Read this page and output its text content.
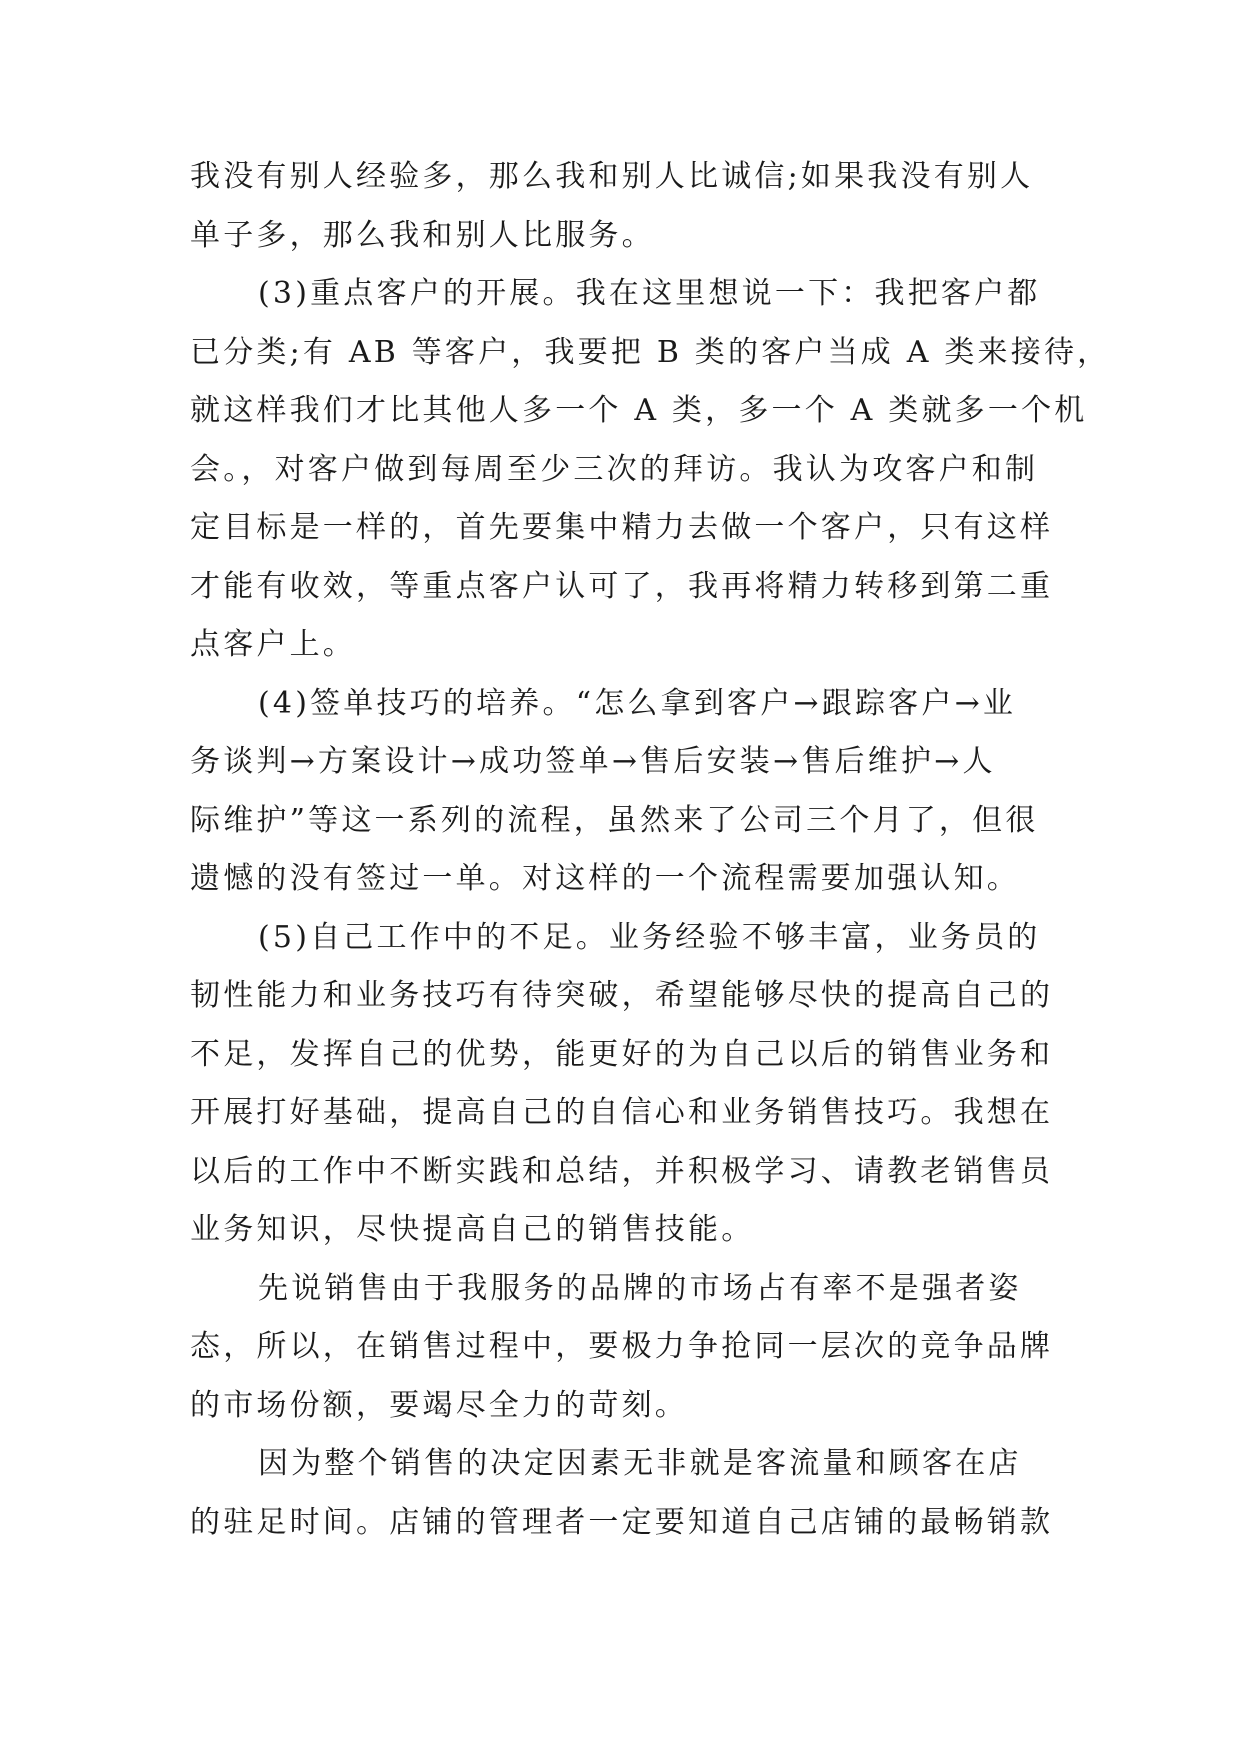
我没有别人经验多，那么我和别人比诚信;如果我没有别人
单子多，那么我和别人比服务。
(3)重点客户的开展。我在这里想说一下：我把客户都
已分类;有 AB 等客户，我要把 B 类的客户当成 A 类来接待，
就这样我们才比其他人多一个 A 类，多一个 A 类就多一个机
会。，对客户做到每周至少三次的拜访。我认为攻客户和制
定目标是一样的，首先要集中精力去做一个客户，只有这样
才能有收效，等重点客户认可了，我再将精力转移到第二重
点客户上。
(4)签单技巧的培养。“怎么拿到客户→跟踪客户→业
务谈判→方案设计→成功签单→售后安装→售后维护→人
际维护”等这一系列的流程，虽然来了公司三个月了，但很
遗憾的没有签过一单。对这样的一个流程需要加强认知。
(5)自己工作中的不足。业务经验不够丰富，业务员的
韧性能力和业务技巧有待突破，希望能够尽快的提高自己的
不足，发挥自己的优势，能更好的为自己以后的销售业务和
开展打好基础，提高自己的自信心和业务销售技巧。我想在
以后的工作中不断实践和总结，并积极学习、请教老销售员
业务知识，尽快提高自己的销售技能。
先说销售由于我服务的品牌的市场占有率不是强者姿
态，所以，在销售过程中，要极力争抢同一层次的竞争品牌
的市场份额，要竭尽全力的苛刻。
因为整个销售的决定因素无非就是客流量和顾客在店
的驻足时间。店铺的管理者一定要知道自己店铺的最畅销款
